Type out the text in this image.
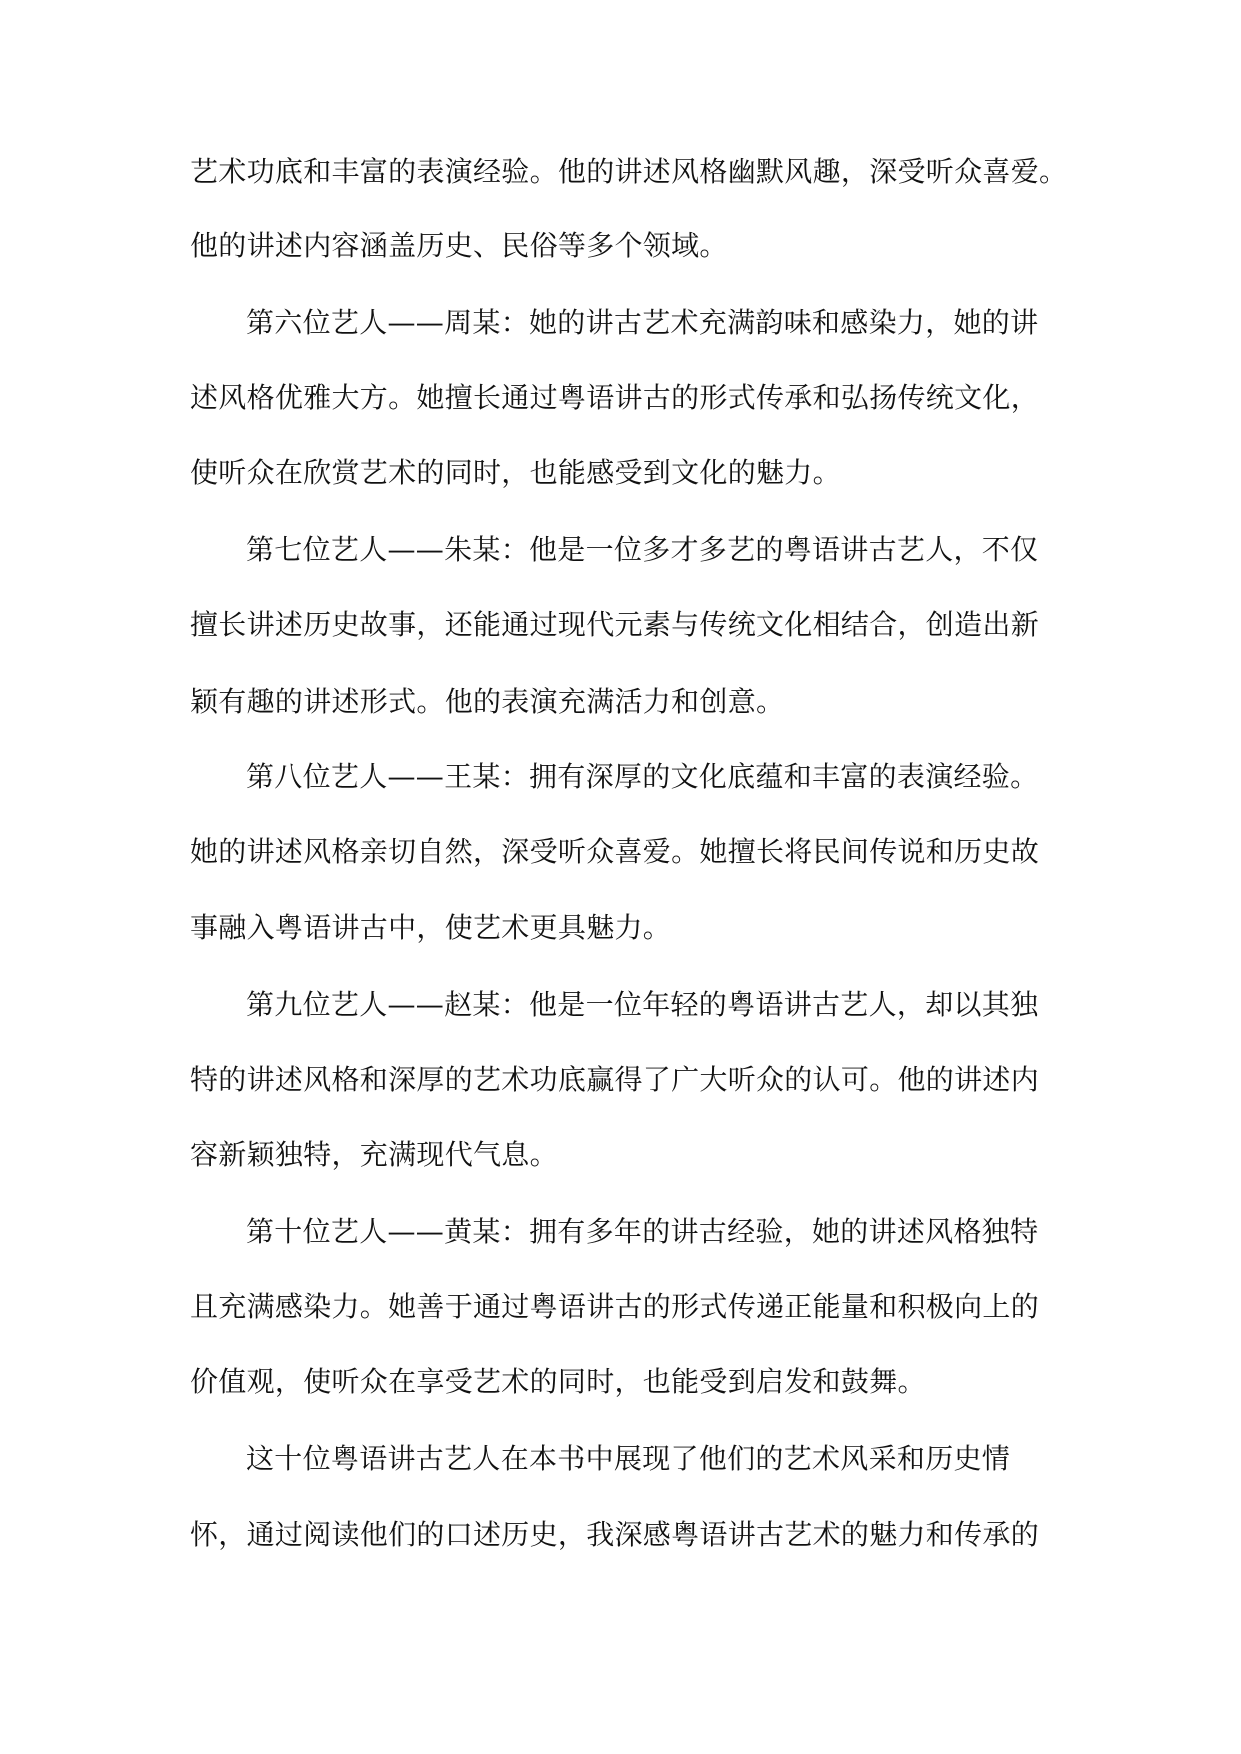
艺术功底和丰富的表演经验。他的讲述风格幽默风趣，深受听众喜爱。
他的讲述内容涵盖历史、民俗等多个领域。
第六位艺人——周某：她的讲古艺术充满韵味和感染力，她的讲
述风格优雅大方。她擅长通过粤语讲古的形式传承和弘扬传统文化，
使听众在欣赏艺术的同时，也能感受到文化的魅力。
第七位艺人——朱某：他是一位多才多艺的粤语讲古艺人，不仅
擅长讲述历史故事，还能通过现代元素与传统文化相结合，创造出新
颖有趣的讲述形式。他的表演充满活力和创意。
第八位艺人——王某：拥有深厚的文化底蕴和丰富的表演经验。
她的讲述风格亲切自然，深受听众喜爱。她擅长将民间传说和历史故
事融入粤语讲古中，使艺术更具魅力。
第九位艺人——赵某：他是一位年轻的粤语讲古艺人，却以其独
特的讲述风格和深厚的艺术功底赢得了广大听众的认可。他的讲述内
容新颖独特，充满现代气息。
第十位艺人——黄某：拥有多年的讲古经验，她的讲述风格独特
且充满感染力。她善于通过粤语讲古的形式传递正能量和积极向上的
价值观，使听众在享受艺术的同时，也能受到启发和鼓舞。
这十位粤语讲古艺人在本书中展现了他们的艺术风采和历史情
怀，通过阅读他们的口述历史，我深感粤语讲古艺术的魅力和传承的
